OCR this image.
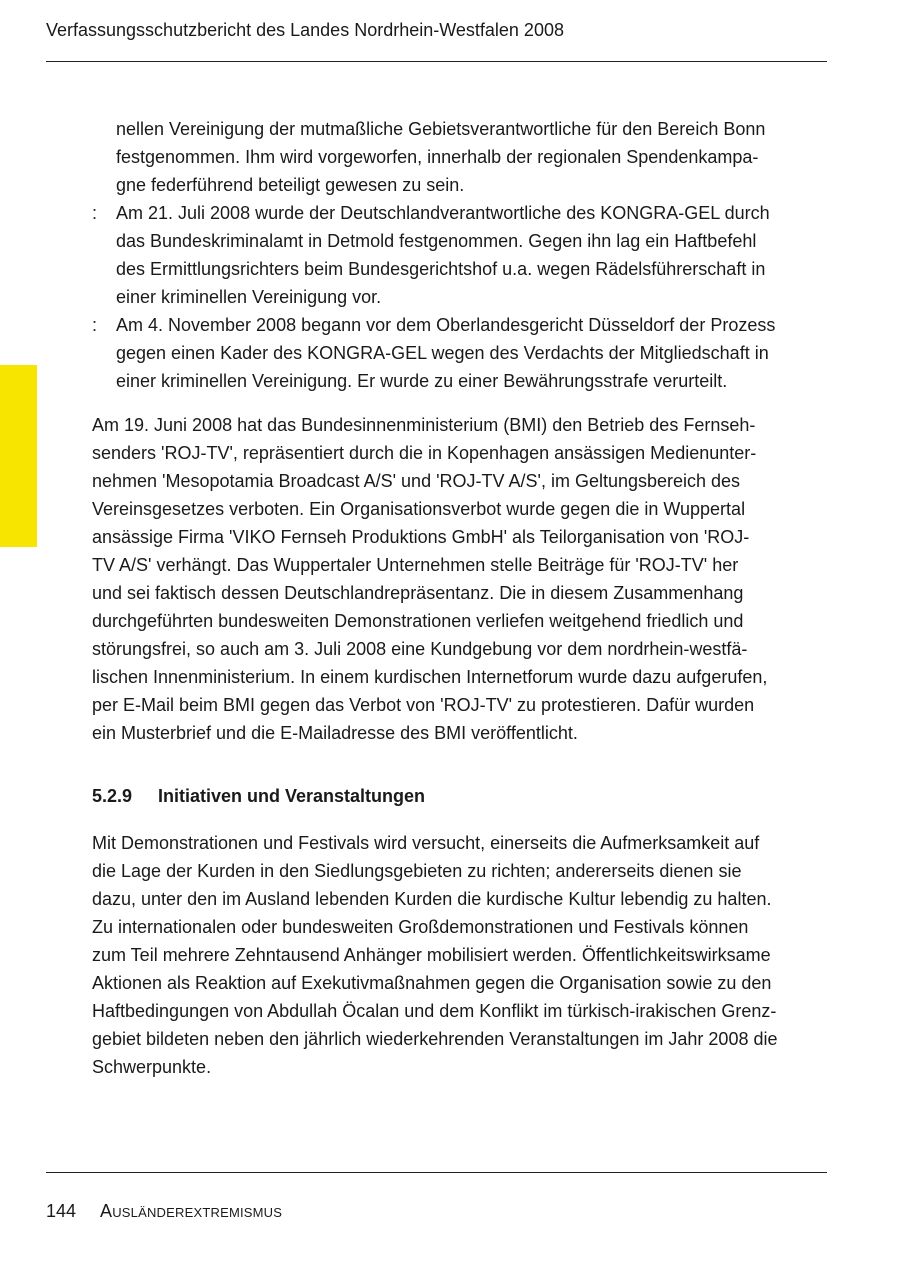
Verfassungsschutzbericht des Landes Nordrhein-Westfalen 2008
nellen Vereinigung der mutmaßliche Gebietsverantwortliche für den Bereich Bonn
festgenommen. Ihm wird vorgeworfen, innerhalb der regionalen Spendenkampa-
gne federführend beteiligt gewesen zu sein.
: Am 21. Juli 2008 wurde der Deutschlandverantwortliche des KONGRA-GEL durch
das Bundeskriminalamt in Detmold festgenommen. Gegen ihn lag ein Haftbefehl
des Ermittlungsrichters beim Bundesgerichtshof u.a. wegen Rädelsführerschaft in
einer kriminellen Vereinigung vor.
: Am 4. November 2008 begann vor dem Oberlandesgericht Düsseldorf der Prozess
gegen einen Kader des KONGRA-GEL wegen des Verdachts der Mitgliedschaft in
einer kriminellen Vereinigung. Er wurde zu einer Bewährungsstrafe verurteilt.
Am 19. Juni 2008 hat das Bundesinnenministerium (BMI) den Betrieb des Fernseh-
senders 'ROJ-TV', repräsentiert durch die in Kopenhagen ansässigen Medienunter-
nehmen 'Mesopotamia Broadcast A/S' und 'ROJ-TV A/S', im Geltungsbereich des
Vereinsgesetzes verboten. Ein Organisationsverbot wurde gegen die in Wuppertal
ansässige Firma 'VIKO Fernseh Produktions GmbH' als Teilorganisation von 'ROJ-
TV A/S' verhängt. Das Wuppertaler Unternehmen stelle Beiträge für 'ROJ-TV' her
und sei faktisch dessen Deutschlandrepräsentanz. Die in diesem Zusammenhang
durchgeführten bundesweiten Demonstrationen verliefen weitgehend friedlich und
störungsfrei, so auch am 3. Juli 2008 eine Kundgebung vor dem nordrhein-westfä-
lischen Innenministerium. In einem kurdischen Internetforum wurde dazu aufgerufen,
per E-Mail beim BMI gegen das Verbot von 'ROJ-TV' zu protestieren. Dafür wurden
ein Musterbrief und die E-Mailadresse des BMI veröffentlicht.
5.2.9 Initiativen und Veranstaltungen
Mit Demonstrationen und Festivals wird versucht, einerseits die Aufmerksamkeit auf
die Lage der Kurden in den Siedlungsgebieten zu richten; andererseits dienen sie
dazu, unter den im Ausland lebenden Kurden die kurdische Kultur lebendig zu halten.
Zu internationalen oder bundesweiten Großdemonstrationen und Festivals können
zum Teil mehrere Zehntausend Anhänger mobilisiert werden. Öffentlichkeitswirksame
Aktionen als Reaktion auf Exekutivmaßnahmen gegen die Organisation sowie zu den
Haftbedingungen von Abdullah Öcalan und dem Konflikt im türkisch-irakischen Grenz-
gebiet bildeten neben den jährlich wiederkehrenden Veranstaltungen im Jahr 2008 die
Schwerpunkte.
144 Ausländerextremismus
